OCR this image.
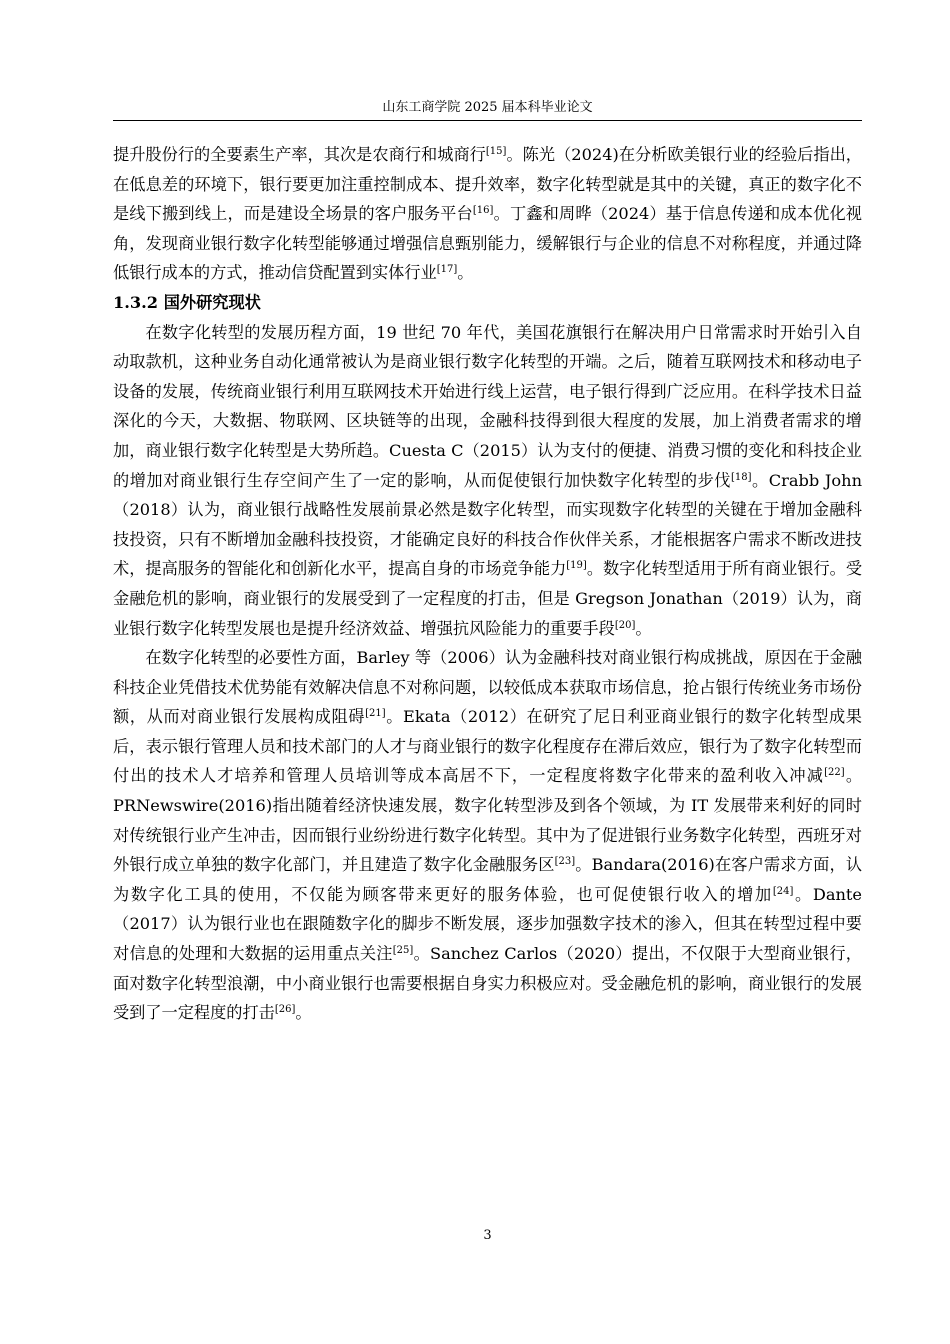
山东工商学院 2025 届本科毕业论文

提升股份行的全要素生产率，其次是农商行和城商行[15]。陈光（2024)在分析欧美银行业的经验后指出，在低息差的环境下，银行要更加注重控制成本、提升效率，数字化转型就是其中的关键，真正的数字化不是线下搬到线上，而是建设全场景的客户服务平台[16]。丁鑫和周晔（2024）基于信息传递和成本优化视角，发现商业银行数字化转型能够通过增强信息甄别能力，缓解银行与企业的信息不对称程度，并通过降低银行成本的方式，推动信贷配置到实体行业[17]。

1.3.2 国外研究现状

在数字化转型的发展历程方面，19 世纪 70 年代，美国花旗银行在解决用户日常需求时开始引入自动取款机，这种业务自动化通常被认为是商业银行数字化转型的开端。之后，随着互联网技术和移动电子设备的发展，传统商业银行利用互联网技术开始进行线上运营，电子银行得到广泛应用。在科学技术日益深化的今天，大数据、物联网、区块链等的出现，金融科技得到很大程度的发展，加上消费者需求的增加，商业银行数字化转型是大势所趋。Cuesta C（2015）认为支付的便捷、消费习惯的变化和科技企业的增加对商业银行生存空间产生了一定的影响，从而促使银行加快数字化转型的步伐[18]。Crabb John（2018）认为，商业银行战略性发展前景必然是数字化转型，而实现数字化转型的关键在于增加金融科技投资，只有不断增加金融科技投资，才能确定良好的科技合作伙伴关系，才能根据客户需求不断改进技术，提高服务的智能化和创新化水平，提高自身的市场竞争能力[19]。数字化转型适用于所有商业银行。受金融危机的影响，商业银行的发展受到了一定程度的打击，但是 Gregson Jonathan（2019）认为，商业银行数字化转型发展也是提升经济效益、增强抗风险能力的重要手段[20]。

在数字化转型的必要性方面，Barley 等（2006）认为金融科技对商业银行构成挑战，原因在于金融科技企业凭借技术优势能有效解决信息不对称问题，以较低成本获取市场信息，抢占银行传统业务市场份额，从而对商业银行发展构成阻碍[21]。Ekata（2012）在研究了尼日利亚商业银行的数字化转型成果后，表示银行管理人员和技术部门的人才与商业银行的数字化程度存在滞后效应，银行为了数字化转型而付出的技术人才培养和管理人员培训等成本高居不下，一定程度将数字化带来的盈利收入冲减[22]。PRNewswire(2016)指出随着经济快速发展，数字化转型涉及到各个领域，为 IT 发展带来利好的同时对传统银行业产生冲击，因而银行业纷纷进行数字化转型。其中为了促进银行业务数字化转型，西班牙对外银行成立单独的数字化部门，并且建造了数字化金融服务区[23]。Bandara(2016)在客户需求方面，认为数字化工具的使用，不仅能为顾客带来更好的服务体验，也可促使银行收入的增加[24]。Dante（2017）认为银行业也在跟随数字化的脚步不断发展，逐步加强数字技术的渗入，但其在转型过程中要对信息的处理和大数据的运用重点关注[25]。Sanchez Carlos（2020）提出，不仅限于大型商业银行，面对数字化转型浪潮，中小商业银行也需要根据自身实力积极应对。受金融危机的影响，商业银行的发展受到了一定程度的打击[26]。

3
